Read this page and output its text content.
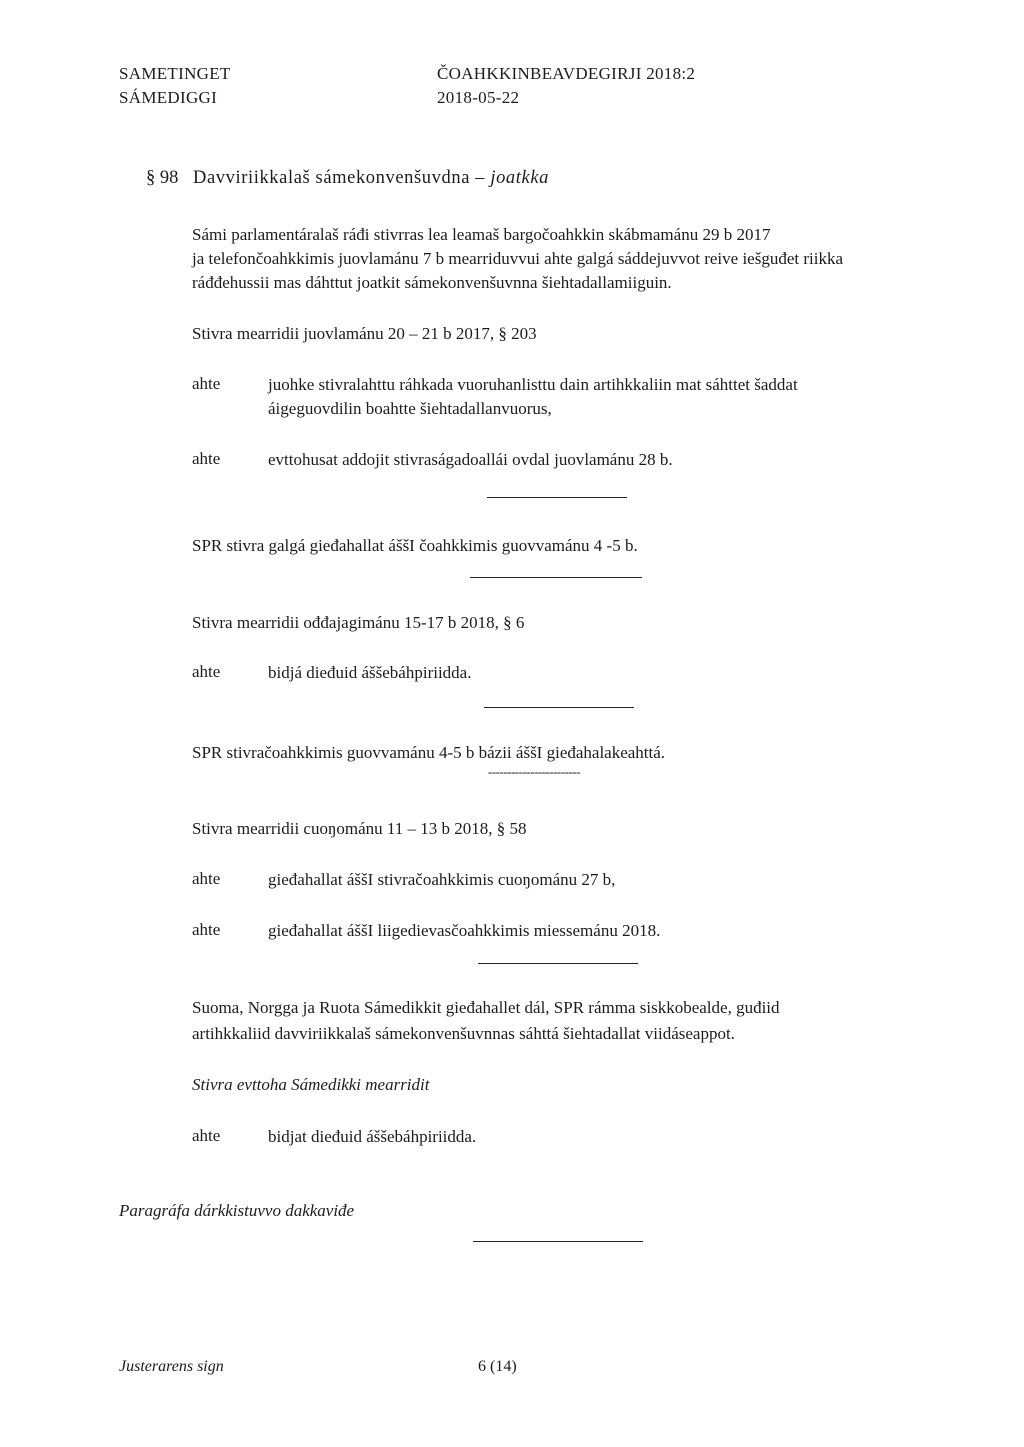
SAMETINGET
SÁMEDIGGI
ČOAHKKINBEAVDEGIRJI 2018:2
2018-05-22
§ 98 Davviriikkalaš sámekonvenšuvdna – joatkka
Sámi parlamentáralaš ráđi stivrras lea leamaš bargočoahkkin skábmamánu 29 b 2017
ja telefončoahkkimis juovlamánu 7 b mearriduvvui ahte galgá sáddejuvvot reive iešguđet riikka
ráđđehussii mas dáhttut joatkit sámekonvenšuvnna šiehtadallamiiguin.
Stivra mearridii juovlamánu 20 – 21 b 2017, § 203
ahte	juohke stivralahttu ráhkada vuoruhanlisttu dain artihkkaliin mat sáhttet šaddat
áigeguovdilin boahtte šiehtadallanvuorus,
ahte	evttohusat addojit stivraságadoallái ovdal juovlamánu 28 b.
SPR stivra galgá gieđahallat áššI čoahkkimis guovvamánu 4 -5 b.
Stivra mearridii ođđajagimánu 15-17 b 2018, § 6
ahte	bidjá dieđuid áššebáhpiriidda.
SPR stivračoahkkimis guovvamánu 4-5 b bázii áššI gieđahalakeahttá.
------------------------
Stivra mearridii cuoŋománu 11 – 13 b 2018, § 58
ahte	gieđahallat áššI stivračoahkkimis cuoŋománu 27 b,
ahte	gieđahallat áššI liigedievasčoahkkimis miessemánu 2018.
Suoma, Norgga ja Ruota Sámedikkit gieđahallet dál, SPR rámma siskkobealde, guđiid
artihkkaliid davviriikkalaš sámekonvenšuvnnas sáhttá šiehtadallat viidáseappot.
Stivra evttoha Sámedikki mearridit
ahte	bidjat dieđuid áššebáhpiriidda.
Paragráfa dárkkistuvvo dakkaviđe
Justerarens sign	6 (14)
